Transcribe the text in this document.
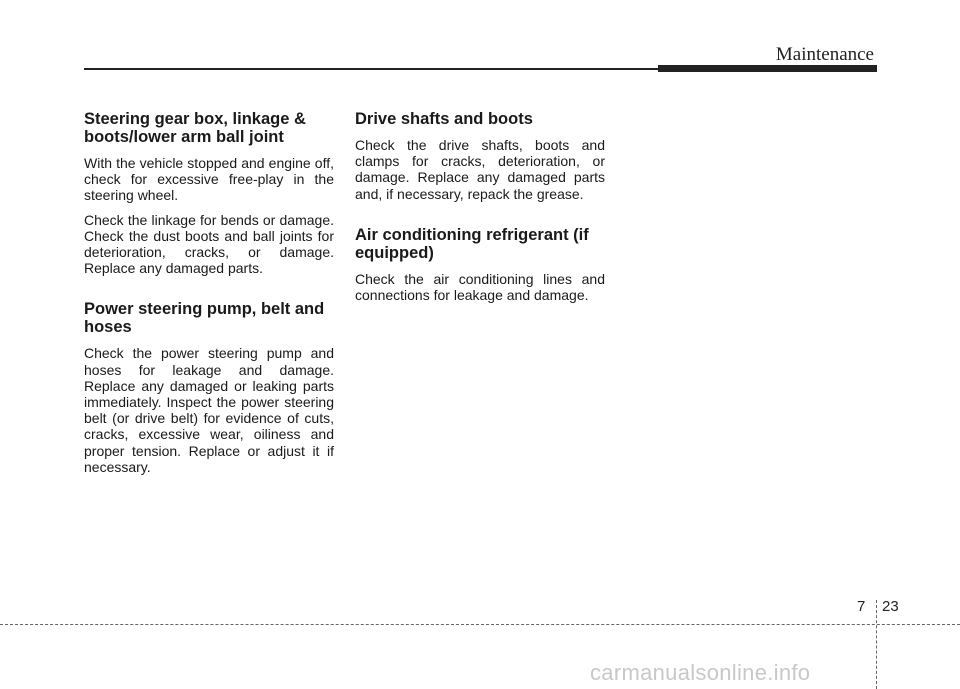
Maintenance
Steering gear box, linkage & boots/lower arm ball joint

With the vehicle stopped and engine off, check for excessive free-play in the steering wheel.

Check the linkage for bends or damage. Check the dust boots and ball joints for deterioration, cracks, or damage. Replace any damaged parts.

Power steering pump, belt and hoses

Check the power steering pump and hoses for leakage and damage. Replace any damaged or leaking parts immediately. Inspect the power steering belt (or drive belt) for evidence of cuts, cracks, excessive wear, oiliness and proper tension. Replace or adjust it if necessary.

Drive shafts and boots

Check the drive shafts, boots and clamps for cracks, deterioration, or damage. Replace any damaged parts and, if necessary, repack the grease.

Air conditioning refrigerant (if equipped)

Check the air conditioning lines and connections for leakage and damage.

7 23
carmanualsonline.info
